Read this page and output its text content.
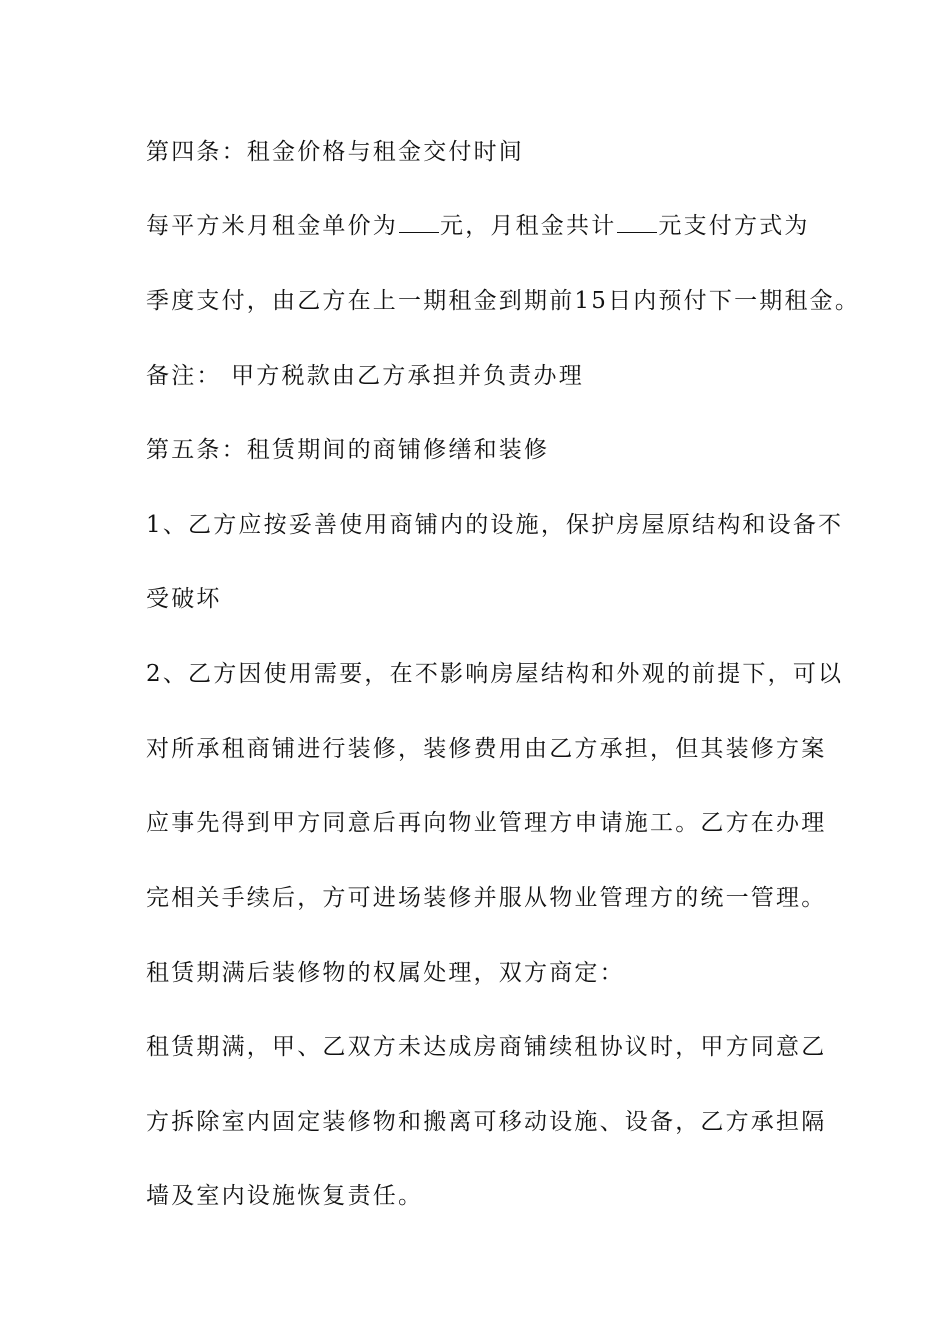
第四条：租金价格与租金交付时间
每平方米月租金单价为 元，月租金共计 元支付方式为
季度支付，由乙方在上一期租金到期前15日内预付下一期租金。
备注： 甲方税款由乙方承担并负责办理
第五条：租赁期间的商铺修缮和装修
1、乙方应按妥善使用商铺内的设施，保护房屋原结构和设备不
受破坏
2、乙方因使用需要，在不影响房屋结构和外观的前提下，可以
对所承租商铺进行装修，装修费用由乙方承担，但其装修方案
应事先得到甲方同意后再向物业管理方申请施工。乙方在办理
完相关手续后，方可进场装修并服从物业管理方的统一管理。
租赁期满后装修物的权属处理，双方商定：
租赁期满，甲、乙双方未达成房商铺续租协议时，甲方同意乙
方拆除室内固定装修物和搬离可移动设施、设备，乙方承担隔
墙及室内设施恢复责任。
